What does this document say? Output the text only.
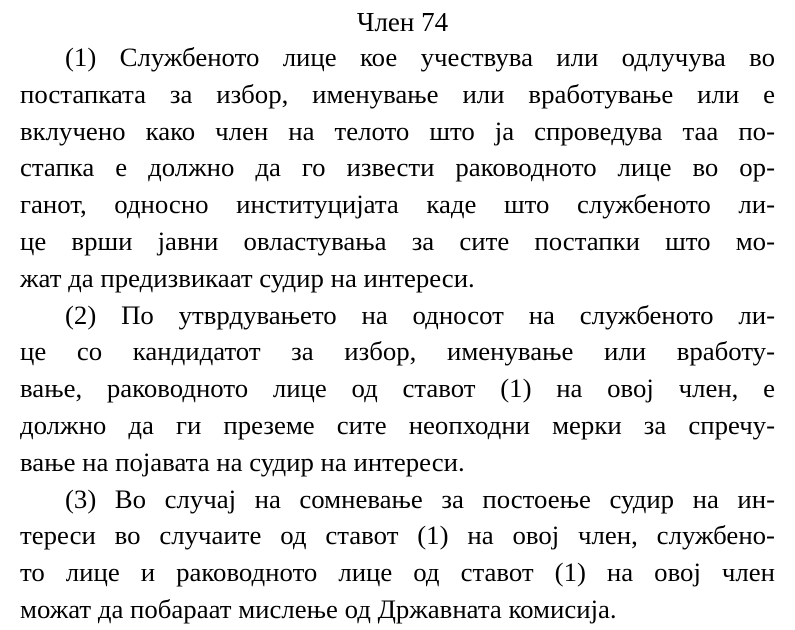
Член 74
(1) Службеното лице кое учествува или одлучува во
постапката за избор, именување или вработување или е
вклучено како член на телото што ја спроведува таа по-
стапка е должно да го извести раководното лице во ор-
ганот, односно институцијата каде што службеното ли-
це врши јавни овластувања за сите постапки што мо-
жат да предизвикаат судир на интереси.
(2) По утврдувањето на односот на службеното ли-
це со кандидатот за избор, именување или вработу-
вање, раководното лице од ставот (1) на овој член, е
должно да ги преземе сите неопходни мерки за спречу-
вање на појавата на судир на интереси.
(3) Во случај на сомневање за постоење судир на ин-
тереси во случаите од ставот (1) на овој член, службено-
то лице и раководното лице од ставот (1) на овој член
можат да побараат мислење од Државната комисија.
